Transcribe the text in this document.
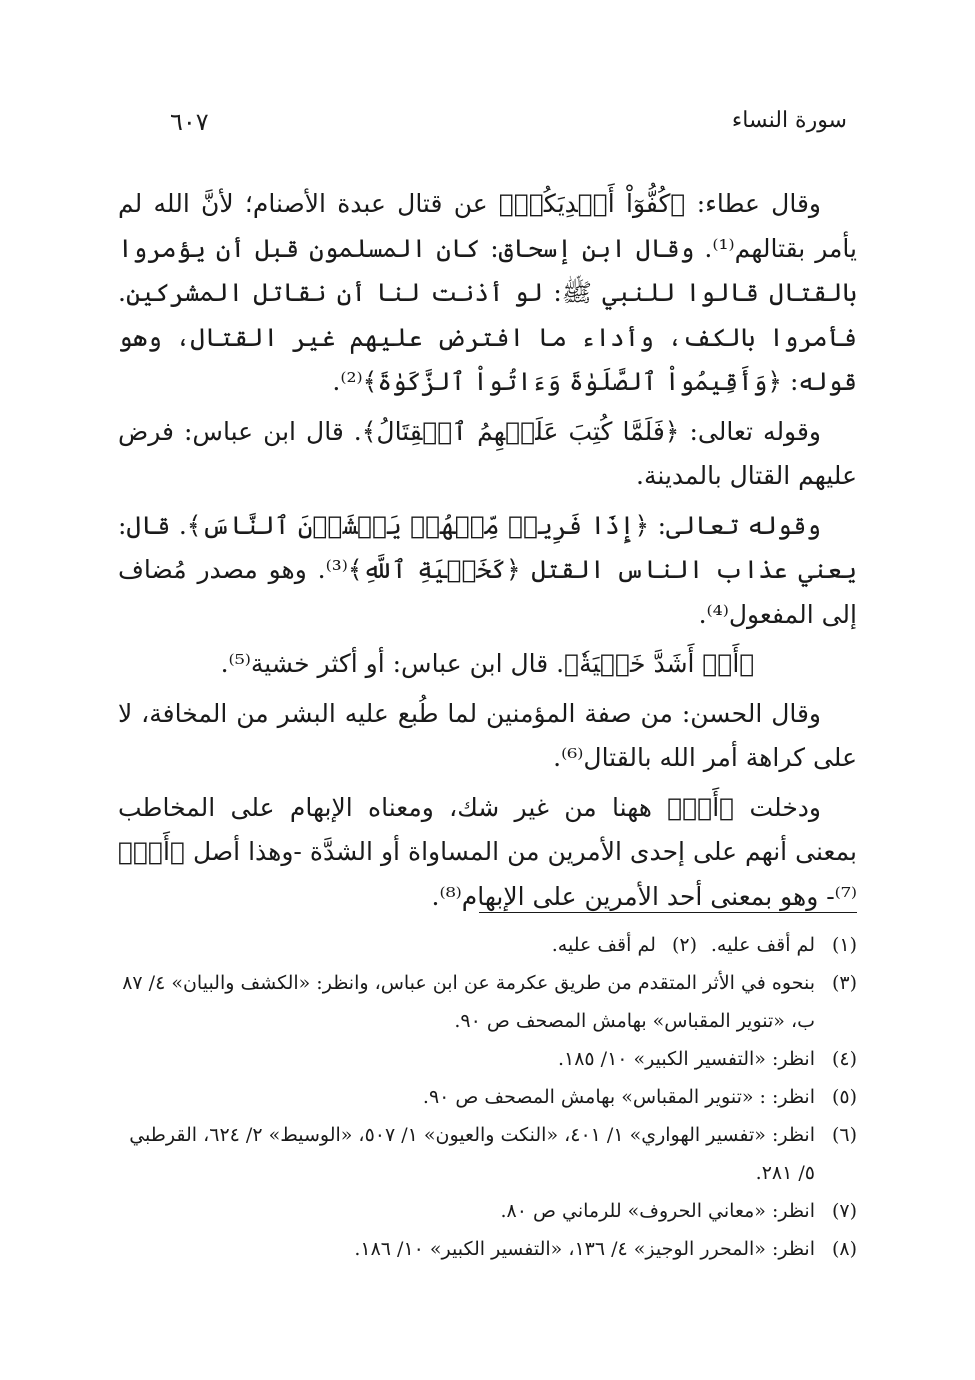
سورة النساء
٦٠٧

وقال عطاء: ﴿كُفُّوٓاْ أَيۡدِيَكُمۡ﴾ عن قتال عبدة الأصنام؛ لأنَّ الله لم يأمر بقتالهم⁽¹⁾. وقال ابن إسحاق: كان المسلمون قبل أن يؤمروا بالقتال قالوا للنبي ﷺ: لو أذنت لنا أن نقاتل المشركين. فأمروا بالكف، وأداء ما افترض عليهم غير القتال، وهو قوله: ﴿وَأَقِيمُواْ ٱلصَّلَوٰةَ وَءَاتُواْ ٱلزَّكَوٰةَ﴾⁽²⁾.

وقوله تعالى: ﴿فَلَمَّا كُتِبَ عَلَيۡهِمُ ٱلۡقِتَالُ﴾. قال ابن عباس: فرض عليهم القتال بالمدينة.

وقوله تعالى: ﴿إِذَا فَرِيقٞ مِّنۡهُمۡ يَخۡشَوۡنَ ٱلنَّاسَ﴾. قال: يعني عذاب الناس القتل ﴿كَخَشۡيَةِ ٱللَّهِ﴾⁽³⁾. وهو مصدر مُضاف إلى المفعول⁽⁴⁾.

﴿أَوۡ أَشَدَّ خَشۡيَةٗ﴾. قال ابن عباس: أو أكثر خشية⁽⁵⁾.

وقال الحسن: من صفة المؤمنين لما طُبع عليه البشر من المخافة، لا على كراهة أمر الله بالقتال⁽⁶⁾.

ودخلت ﴿أَوۡ﴾ ههنا من غير شك، ومعناه الإبهام على المخاطب بمعنى أنهم على إحدى الأمرين من المساواة أو الشدَّة -وهذا أصل ﴿أَوۡ﴾⁽⁷⁾- وهو بمعنى أحد الأمرين على الإبهام⁽⁸⁾.

(١)
لم أقف عليه.
(٢) لم أقف عليه.
(٣)
بنحوه في الأثر المتقدم من طريق عكرمة عن ابن عباس، وانظر: «الكشف والبيان» ٤/ ٨٧ ب، «تنوير المقباس» بهامش المصحف ص ٩٠.
(٤)
انظر: «التفسير الكبير» ١٠/ ١٨٥.
(٥)
انظر: : «تنوير المقباس» بهامش المصحف ص ٩٠.
(٦)
انظر: «تفسير الهواري» ١/ ٤٠١، «النكت والعيون» ١/ ٥٠٧، «الوسيط» ٢/ ٦٢٤، القرطبي ٥/ ٢٨١.
(٧)
انظر: «معاني الحروف» للرماني ص ٨٠.
(٨)
انظر: «المحرر الوجيز» ٤/ ١٣٦، «التفسير الكبير» ١٠/ ١٨٦.
